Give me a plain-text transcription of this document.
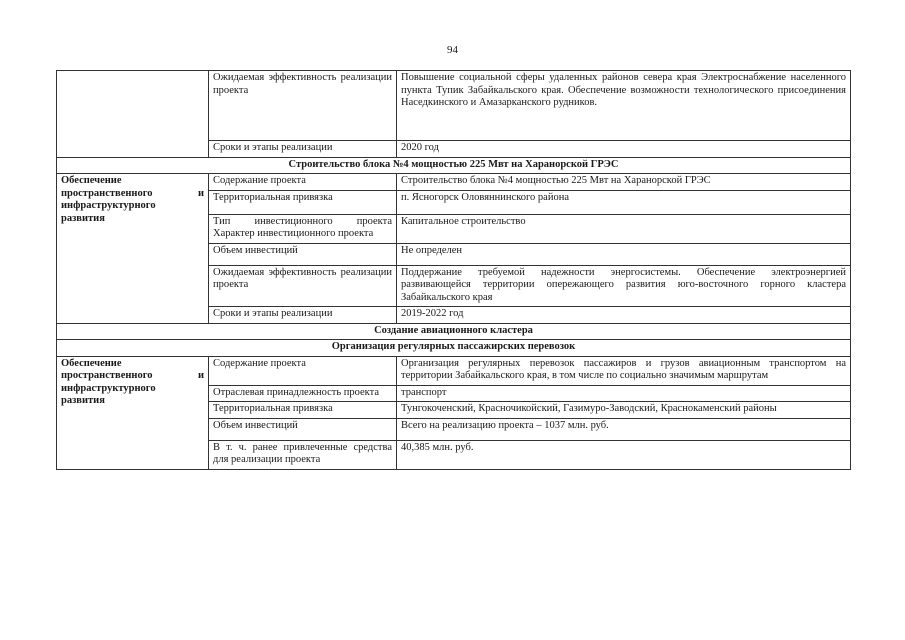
94
	Ожидаемая эффективность реализации проекта	Повышение социальной сферы удаленных районов севера края Электроснабжение населенного пункта Тупик Забайкальского края. Обеспечение возможности технологического присоединения Наседкинского и Амазарканского рудников.
	Сроки и этапы реализации	2020 год
Строительство блока №4 мощностью 225 Мвт на Харанорской ГРЭС		

Обеспечение
пространственного и
инфраструктурного
развития	Содержание проекта	Строительство блока №4 мощностью 225 Мвт на Харанорской ГРЭС
	Территориальная привязка	п. Ясногорск Оловяннинского района
	Тип инвестиционного проекта Характер инвестиционного проекта	Капитальное строительство
	Объем инвестиций	Не определен
	Ожидаемая эффективность реализации проекта	Поддержание требуемой надежности энергосистемы. Обеспечение электроэнергией развивающейся территории опережающего развития юго-восточного горного кластера Забайкальского края
	Сроки и этапы реализации	2019-2022 год
Создание авиационного кластера		
Организация регулярных пассажирских перевозок		

Обеспечение
пространственного и
инфраструктурного
развития	Содержание проекта	Организация регулярных перевозок пассажиров и грузов авиационным транспортом на территории Забайкальского края, в том числе по социально значимым маршрутам
	Отраслевая принадлежность проекта	транспорт
	Территориальная привязка	Тунгокоченский, Красночикойский, Газимуро-Заводский, Краснокаменский районы
	Объем инвестиций	Всего на реализацию проекта – 1037 млн. руб.
	В т. ч. ранее привлеченные средства для реализации проекта	40,385 млн. руб.
